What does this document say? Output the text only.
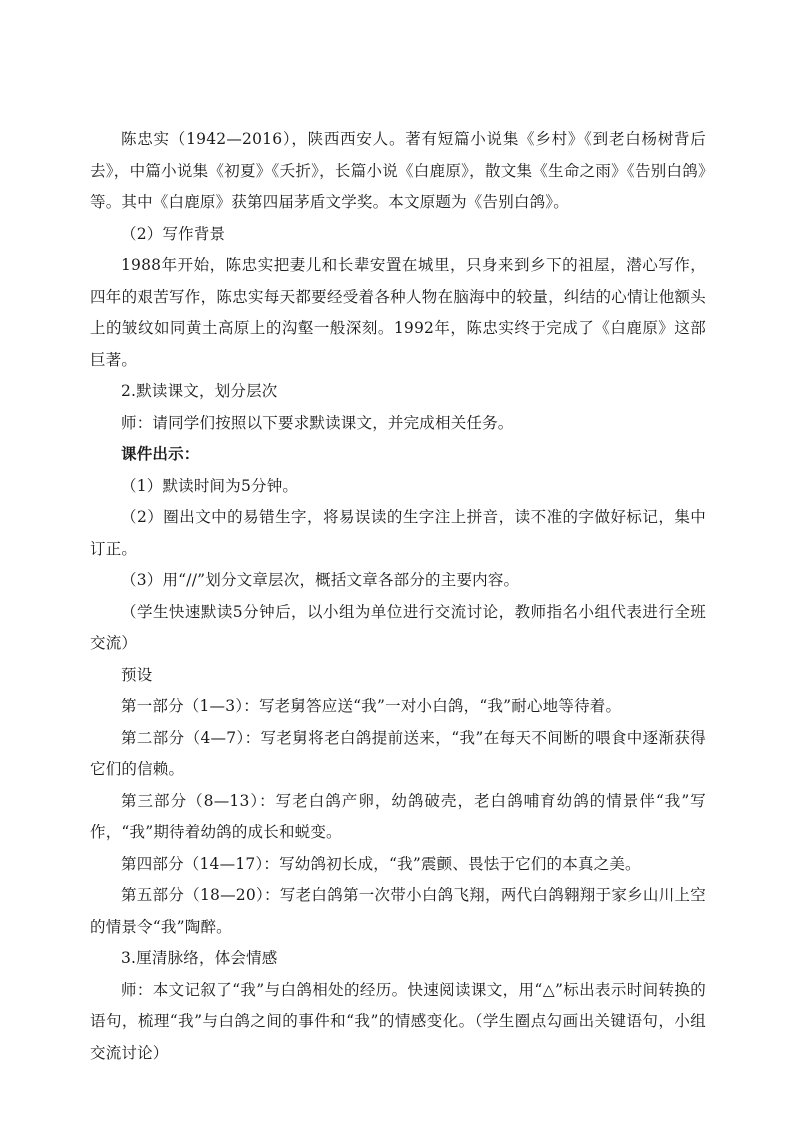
陈忠实（1942—2016），陕西西安人。著有短篇小说集《乡村》《到老白杨树背后去》，中篇小说集《初夏》《夭折》，长篇小说《白鹿原》，散文集《生命之雨》《告别白鸽》等。其中《白鹿原》获第四届茅盾文学奖。本文原题为《告别白鸽》。

（2）写作背景

1988年开始，陈忠实把妻儿和长辈安置在城里，只身来到乡下的祖屋，潜心写作，四年的艰苦写作，陈忠实每天都要经受着各种人物在脑海中的较量，纠结的心情让他额头上的皱纹如同黄土高原上的沟壑一般深刻。1992年，陈忠实终于完成了《白鹿原》这部巨著。

2.默读课文，划分层次

师：请同学们按照以下要求默读课文，并完成相关任务。

课件出示：

（1）默读时间为5分钟。

（2）圈出文中的易错生字，将易误读的生字注上拼音，读不准的字做好标记，集中订正。

（3）用“//”划分文章层次，概括文章各部分的主要内容。

（学生快速默读5分钟后，以小组为单位进行交流讨论，教师指名小组代表进行全班交流）

预设

第一部分（1—3）：写老舅答应送“我”一对小白鸽，“我”耐心地等待着。

第二部分（4—7）：写老舅将老白鸽提前送来，“我”在每天不间断的喂食中逐渐获得它们的信赖。

第三部分（8—13）：写老白鸽产卵，幼鸽破壳，老白鸽哺育幼鸽的情景伴“我”写作，“我”期待着幼鸽的成长和蜕变。

第四部分（14—17）：写幼鸽初长成，“我”震颤、畏怯于它们的本真之美。

第五部分（18—20）：写老白鸽第一次带小白鸽飞翔，两代白鸽翱翔于家乡山川上空的情景令“我”陶醉。

3.厘清脉络，体会情感

师：本文记叙了“我”与白鸽相处的经历。快速阅读课文，用“△”标出表示时间转换的语句，梳理“我”与白鸽之间的事件和“我”的情感变化。（学生圈点勾画出关键语句，小组交流讨论）
